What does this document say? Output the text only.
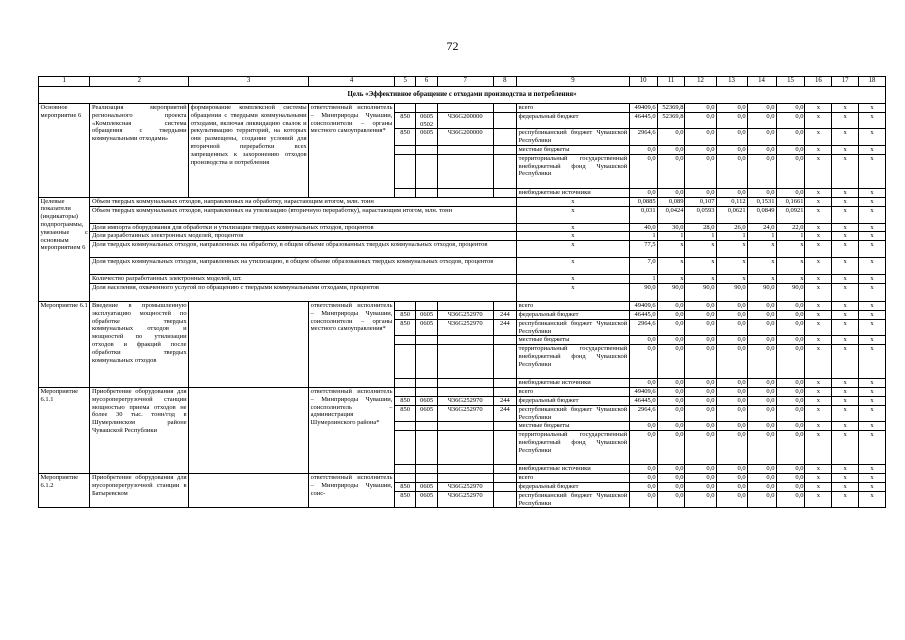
72
1	2	3	4	5	6	7	8	9	10	11	12	13	14	15	16	17	18
Цель «Эффективное обращение с отходами производства и потребления»																	
Основное мероприятие 6	Реализация мероприятий регионального проекта «Комплексная система обращения с твердыми коммунальными отходами»	формирование комплексной системы обращения с твердыми коммунальными отходами, включая ликвидацию свалок и рекультивацию территорий, на которых они размещены, создание условий для вторичной переработки всех запрещенных к захоронению отходов производства и потребления	ответственный исполнитель – Минприроды Чувашии, соисполнители – органы местного самоуправления*					всего	49409,6	52369,8	0,0	0,0	0,0	0,0	x	x	x
				850	0605 0502	Ч36G200000		федеральный бюджет	46445,0	52369,8	0,0	0,0	0,0	0,0	x	x	x
				850	0605	Ч36G200000		республиканский бюджет Чувашской Республики	2964,6	0,0	0,0	0,0	0,0	0,0	x	x	x
								местные бюджеты	0,0	0,0	0,0	0,0	0,0	0,0	x	x	x
								территориальный государственный внебюджетный фонд Чувашской Республики	0,0	0,0	0,0	0,0	0,0	0,0	x	x	x
								внебюджетные источники	0,0	0,0	0,0	0,0	0,0	0,0	x	x	x
Целевые показатели (индикаторы) подпрограммы, увязанные с основным мероприятием 6	Объем твердых коммунальных отходов, направленных на обработку, нарастающим итогом, млн. тонн							x	0,0885	0,089	0,107	0,112	0,1531	0,1661	x	x	x
	Объем твердых коммунальных отходов, направленных на утилизацию (вторичную переработку), нарастающим итогом, млн. тонн							x	0,031	0,0424	0,0593	0,0621	0,0849	0,0921	x	x	x
	Доля импорта оборудования для обработки и утилизации твердых коммунальных отходов, процентов							x	40,0	30,0	28,0	26,0	24,0	22,0	x	x	x
	Доля разработанных электронных моделей, процентов							x	1	1	1	1	1	1	x	x	x
	Доля твердых коммунальных отходов, направленных на обработку, в общем объеме образованных твердых коммунальных отходов, процентов							x	77,5	x	x	x	x	x	x	x	x
	Доля твердых коммунальных отходов, направленных на утилизацию, в общем объеме образованных твердых коммунальных отходов, процентов							x	7,0	x	x	x	x	x	x	x	x
	Количество разработанных электронных моделей, шт.							x	1	x	x	x	x	x	x	x	x
	Доля населения, охваченного услугой по обращению с твердыми коммунальными отходами, процентов							x	90,0	90,0	90,0	90,0	90,0	90,0	x	x	x
Мероприятие 6.1	Введение в промышленную эксплуатацию мощностей по обработке твердых коммунальных отходов и мощностей по утилизации отходов и фракций после обработки твердых коммунальных отходов		ответственный исполнитель – Минприроды Чувашии, соисполнители – органы местного самоуправления*					всего	49409,6	0,0	0,0	0,0	0,0	0,0	x	x	x
				850	0605	Ч36G252970	244	федеральный бюджет	46445,0	0,0	0,0	0,0	0,0	0,0	x	x	x
				850	0605	Ч36G252970	244	республиканский бюджет Чувашской Республики	2964,6	0,0	0,0	0,0	0,0	0,0	x	x	x
								местные бюджеты	0,0	0,0	0,0	0,0	0,0	0,0	x	x	x
								территориальный государственный внебюджетный фонд Чувашской Республики	0,0	0,0	0,0	0,0	0,0	0,0	x	x	x
								внебюджетные источники	0,0	0,0	0,0	0,0	0,0	0,0	x	x	x
Мероприятие 6.1.1	Приобретение оборудования для мусороперегрузочной станции мощностью приема отходов не более 30 тыс. тонн/год в Шумерлинском районе Чувашской Республики		ответственный исполнитель – Минприроды Чувашии, соисполнитель – администрация Шумерлинского района*					всего	49409,6	0,0	0,0	0,0	0,0	0,0	x	x	x
				850	0605	Ч36G252970	244	федеральный бюджет	46445,0	0,0	0,0	0,0	0,0	0,0	x	x	x
				850	0605	Ч36G252970	244	республиканский бюджет Чувашской Республики	2964,6	0,0	0,0	0,0	0,0	0,0	x	x	x
								местные бюджеты	0,0	0,0	0,0	0,0	0,0	0,0	x	x	x
								территориальный государственный внебюджетный фонд Чувашской Республики	0,0	0,0	0,0	0,0	0,0	0,0	x	x	x
								внебюджетные источники	0,0	0,0	0,0	0,0	0,0	0,0	x	x	x
Мероприятие 6.1.2	Приобретение оборудования для мусороперегрузочной станции в Батыревском		ответственный исполнитель – Минприроды Чувашии, соис-					всего	0,0	0,0	0,0	0,0	0,0	0,0	x	x	x
				850	0605	Ч36G252970		федеральный бюджет	0,0	0,0	0,0	0,0	0,0	0,0	x	x	x
				850	0605	Ч36G252970		республиканский бюджет Чувашской Республики	0,0	0,0	0,0	0,0	0,0	0,0	x	x	x
